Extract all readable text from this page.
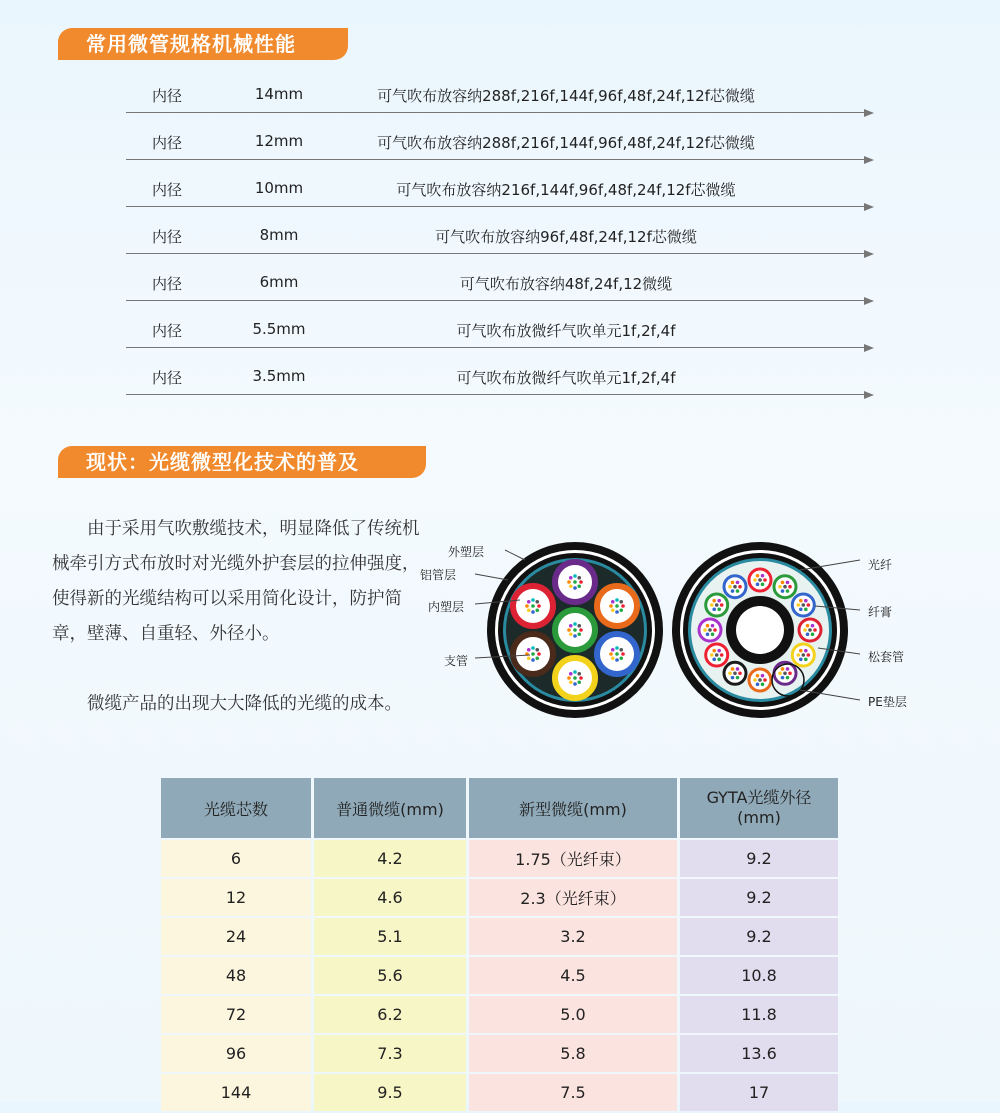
常用微管规格机械性能
内径	14mm	可气吹布放容纳288f,216f,144f,96f,48f,24f,12f芯微缆
内径	12mm	可气吹布放容纳288f,216f,144f,96f,48f,24f,12f芯微缆
内径	10mm	可气吹布放容纳216f,144f,96f,48f,24f,12f芯微缆
内径	8mm	可气吹布放容纳96f,48f,24f,12f芯微缆
内径	6mm	可气吹布放容纳48f,24f,12微缆
内径	5.5mm	可气吹布放微纤气吹单元1f,2f,4f
内径	3.5mm	可气吹布放微纤气吹单元1f,2f,4f
现状：光缆微型化技术的普及
由于采用气吹敷缆技术，明显降低了传统机械牵引方式布放时对光缆外护套层的拉伸强度，使得新的光缆结构可以采用简化设计，防护简章，壁薄、自重轻、外径小。
微缆产品的出现大大降低的光缆的成本。
外塑层
铝管层
内塑层
支管
光纤
纤膏
松套管
PE垫层
光缆芯数	普通微缆(mm)	新型微缆(mm)	GYTA光缆外径
(mm)
6	4.2	1.75（光纤束）	9.2
12	4.6	2.3（光纤束）	9.2
24	5.1	3.2	9.2
48	5.6	4.5	10.8
72	6.2	5.0	11.8
96	7.3	5.8	13.6
144	9.5	7.5	17
